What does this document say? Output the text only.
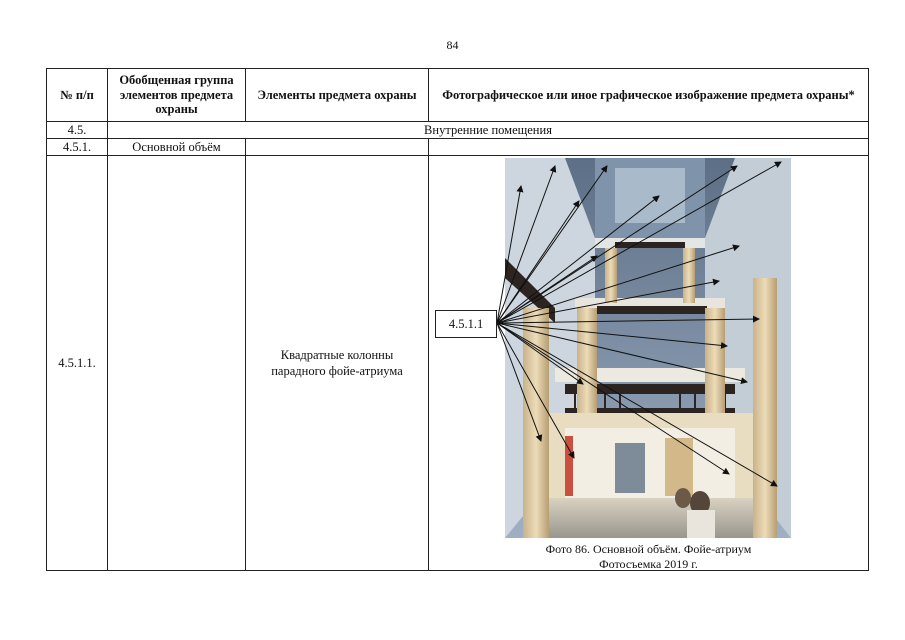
84
№ п/п	Обобщенная группа элементов предмета охраны	Элементы предмета охраны	Фотографическое или иное графическое изображение предмета охраны*
4.5.	Внутренние помещения		
4.5.1.	Основной объём		
4.5.1.1.		Квадратные колонны парадного фойе-атриума	4.5.1.1
Фото 86. Основной объём. Фойе-атриум
Фотосъемка 2019 г.
